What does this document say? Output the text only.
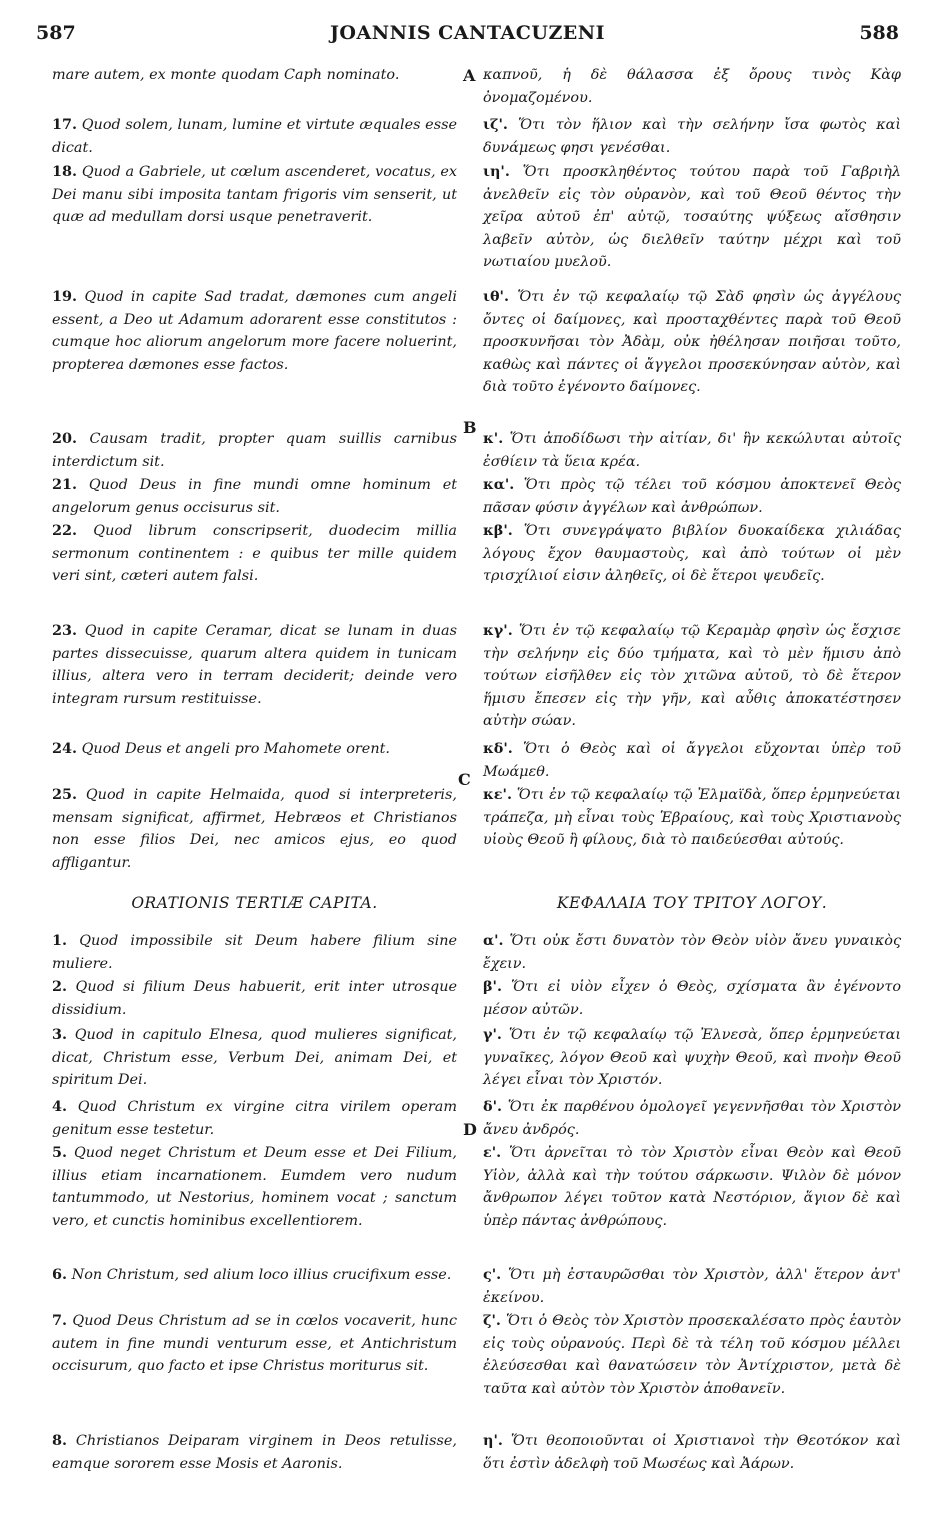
587	JOANNIS CANTACUZENI	588
A
B
C
D
mare autem, ex monte quodam Caph nominato.
17. Quod solem, lunam, lumine et virtute æquales esse dicat.
18. Quod a Gabriele, ut cœlum ascenderet, vocatus, ex Dei manu sibi imposita tantam frigoris vim senserit, ut quæ ad medullam dorsi usque penetraverit.
19. Quod in capite Sad tradat, dæmones cum angeli essent, a Deo ut Adamum adorarent esse constitutos : cumque hoc aliorum angelorum more facere noluerint, propterea dæmones esse factos.
20. Causam tradit, propter quam suillis carnibus interdictum sit.
21. Quod Deus in fine mundi omne hominum et angelorum genus occisurus sit.
22. Quod librum conscripserit, duodecim millia sermonum continentem : e quibus ter mille quidem veri sint, cæteri autem falsi.
23. Quod in capite Ceramar, dicat se lunam in duas partes dissecuisse, quarum altera quidem in tunicam illius, altera vero in terram deciderit; deinde vero integram rursum restituisse.
24. Quod Deus et angeli pro Mahomete orent.
25. Quod in capite Helmaida, quod si interpreteris, mensam significat, affirmet, Hebræos et Christianos non esse filios Dei, nec amicos ejus, eo quod affligantur.
ORATIONIS TERTIÆ CAPITA.
1. Quod impossibile sit Deum habere filium sine muliere.
2. Quod si filium Deus habuerit, erit inter utrosque dissidium.
3. Quod in capitulo Elnesa, quod mulieres significat, dicat, Christum esse, Verbum Dei, animam Dei, et spiritum Dei.
4. Quod Christum ex virgine citra virilem operam genitum esse testetur.
5. Quod neget Christum et Deum esse et Dei Filium, illius etiam incarnationem. Eumdem vero nudum tantummodo, ut Nestorius, hominem vocat ; sanctum vero, et cunctis hominibus excellentiorem.
6. Non Christum, sed alium loco illius crucifixum esse.
7. Quod Deus Christum ad se in cœlos vocaverit, hunc autem in fine mundi venturum esse, et Antichristum occisurum, quo facto et ipse Christus moriturus sit.
8. Christianos Deiparam virginem in Deos retulisse, eamque sororem esse Mosis et Aaronis.
καπνοῦ, ἡ δὲ θάλασσα ἐξ ὄρους τινὸς Κὰφ ὀνομαζομένου.
ιζ'. Ὅτι τὸν ἥλιον καὶ τὴν σελήνην ἴσα φωτὸς καὶ δυνάμεως φησι γενέσθαι.
ιη'. Ὅτι προσκληθέντος τούτου παρὰ τοῦ Γαβριὴλ ἀνελθεῖν εἰς τὸν οὐρανὸν, καὶ τοῦ Θεοῦ θέντος τὴν χεῖρα αὐτοῦ ἐπ' αὐτῷ, τοσαύτης ψύξεως αἴσθησιν λαβεῖν αὐτὸν, ὡς διελθεῖν ταύτην μέχρι καὶ τοῦ νωτιαίου μυελοῦ.
ιθ'. Ὅτι ἐν τῷ κεφαλαίῳ τῷ Σὰδ φησὶν ὡς ἀγγέλους ὄντες οἱ δαίμονες, καὶ προσταχθέντες παρὰ τοῦ Θεοῦ προσκυνῆσαι τὸν Ἀδὰμ, οὐκ ἠθέλησαν ποιῆσαι τοῦτο, καθὼς καὶ πάντες οἱ ἄγγελοι προσεκύνησαν αὐτὸν, καὶ διὰ τοῦτο ἐγένοντο δαίμονες.
κ'. Ὅτι ἀποδίδωσι τὴν αἰτίαν, δι' ἣν κεκώλυται αὐτοῖς ἐσθίειν τὰ ὕεια κρέα.
κα'. Ὅτι πρὸς τῷ τέλει τοῦ κόσμου ἀποκτενεῖ Θεὸς πᾶσαν φύσιν ἀγγέλων καὶ ἀνθρώπων.
κβ'. Ὅτι συνεγράψατο βιβλίον δυοκαίδεκα χιλιάδας λόγους ἔχον θαυμαστοὺς, καὶ ἀπὸ τούτων οἱ μὲν τρισχίλιοί εἰσιν ἀληθεῖς, οἱ δὲ ἕτεροι ψευδεῖς.
κγ'. Ὅτι ἐν τῷ κεφαλαίῳ τῷ Κεραμὰρ φησὶν ὡς ἔσχισε τὴν σελήνην εἰς δύο τμήματα, καὶ τὸ μὲν ἥμισυ ἀπὸ τούτων εἰσῆλθεν εἰς τὸν χιτῶνα αὐτοῦ, τὸ δὲ ἕτερον ἥμισυ ἔπεσεν εἰς τὴν γῆν, καὶ αὖθις ἀποκατέστησεν αὐτὴν σώαν.
κδ'. Ὅτι ὁ Θεὸς καὶ οἱ ἄγγελοι εὔχονται ὑπὲρ τοῦ Μωάμεθ.
κε'. Ὅτι ἐν τῷ κεφαλαίῳ τῷ Ἐλμαϊδὰ, ὅπερ ἑρμηνεύεται τράπεζα, μὴ εἶναι τοὺς Ἑβραίους, καὶ τοὺς Χριστιανοὺς υἱοὺς Θεοῦ ἢ φίλους, διὰ τὸ παιδεύεσθαι αὐτούς.
ΚΕΦΑΛΑΙΑ ΤΟΥ ΤΡΙΤΟΥ ΛΟΓΟΥ.
α'. Ὅτι οὐκ ἔστι δυνατὸν τὸν Θεὸν υἱὸν ἄνευ γυναικὸς ἔχειν.
β'. Ὅτι εἰ υἱὸν εἶχεν ὁ Θεὸς, σχίσματα ἂν ἐγένοντο μέσον αὐτῶν.
γ'. Ὅτι ἐν τῷ κεφαλαίῳ τῷ Ἐλνεσὰ, ὅπερ ἑρμηνεύεται γυναῖκες, λόγον Θεοῦ καὶ ψυχὴν Θεοῦ, καὶ πνοὴν Θεοῦ λέγει εἶναι τὸν Χριστόν.
δ'. Ὅτι ἐκ παρθένου ὁμολογεῖ γεγεννῆσθαι τὸν Χριστὸν ἄνευ ἀνδρός.
ε'. Ὅτι ἀρνεῖται τὸ τὸν Χριστὸν εἶναι Θεὸν καὶ Θεοῦ Υἱὸν, ἀλλὰ καὶ τὴν τούτου σάρκωσιν. Ψιλὸν δὲ μόνον ἄνθρωπον λέγει τοῦτον κατὰ Νεστόριον, ἅγιον δὲ καὶ ὑπὲρ πάντας ἀνθρώπους.
ς'. Ὅτι μὴ ἐσταυρῶσθαι τὸν Χριστὸν, ἀλλ' ἕτερον ἀντ' ἐκείνου.
ζ'. Ὅτι ὁ Θεὸς τὸν Χριστὸν προσεκαλέσατο πρὸς ἑαυτὸν εἰς τοὺς οὐρανούς. Περὶ δὲ τὰ τέλη τοῦ κόσμου μέλλει ἐλεύσεσθαι καὶ θανατώσειν τὸν Ἀντίχριστον, μετὰ δὲ ταῦτα καὶ αὐτὸν τὸν Χριστὸν ἀποθανεῖν.
η'. Ὅτι θεοποιοῦνται οἱ Χριστιανοὶ τὴν Θεοτόκον καὶ ὅτι ἐστὶν ἀδελφὴ τοῦ Μωσέως καὶ Ἀάρων.
